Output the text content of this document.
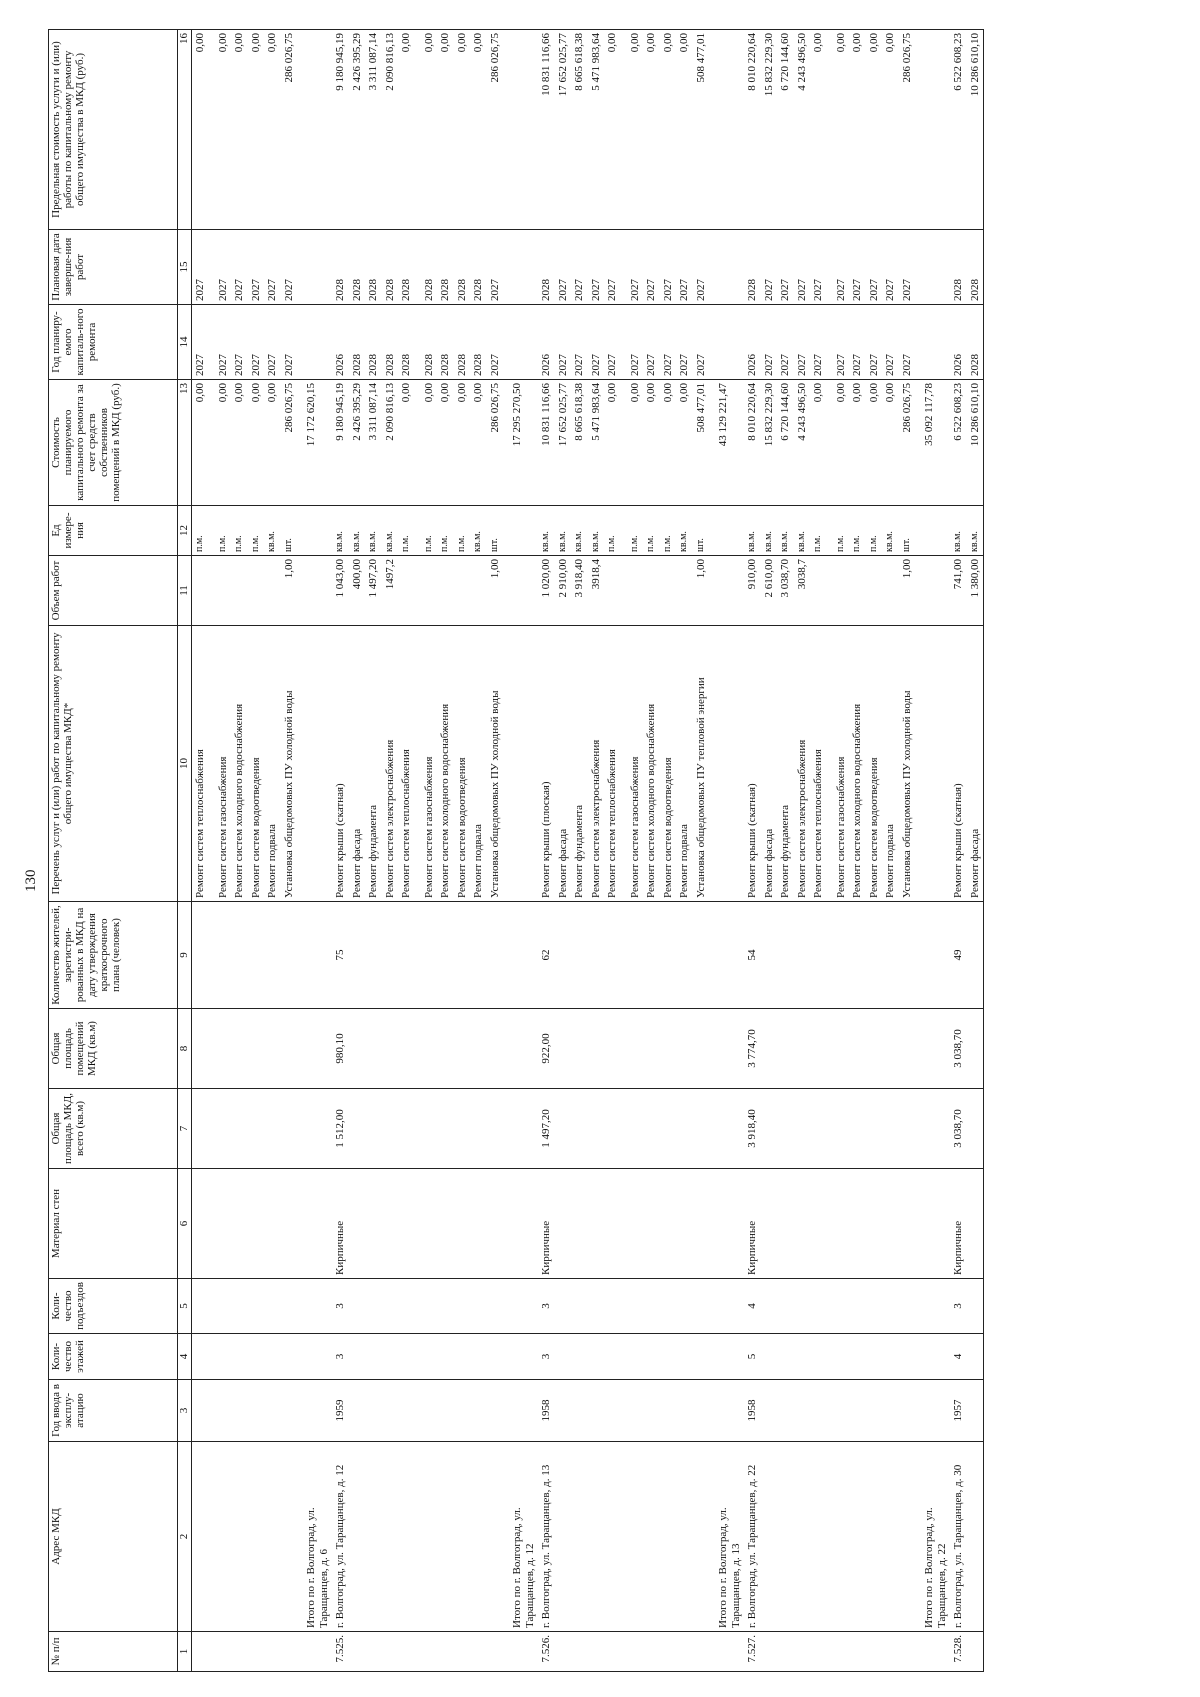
130
№ п/п	Адрес МКД	Год ввода в эксплу-атацию	Коли-чество этажей	Коли-чество подъездов	Материал стен	Общая площадь МКД, всего (кв.м)	Общая площадь помещений МКД (кв.м)	Количество жителей, зарегистри-рованных в МКД на дату утверждения краткосрочного плана (человек)	Перечень услуг и (или) работ по капитальному ремонту общего имущества МКД*	Объем работ	Ед измере-ния	Стоимость планируемого капитального ремонта за счет средств собственников помещений в МКД (руб.)	Год планиру-емого капиталь-ного ремонта	Плановая дата заверше-ния работ	Предельная стоимость услуги и (или) работы по капитальному ремонту общего имущества в МКД (руб.)

1	2	3	4	5	6	7	8	9	10	11	12	13	14	15	16
									Ремонт систем теплоснабжения		п.м.	0,00	2027	2027	0,00
									Ремонт систем газоснабжения		п.м.	0,00	2027	2027	0,00
									Ремонт систем холодного водоснабжения		п.м.	0,00	2027	2027	0,00
									Ремонт систем водоотведения		п.м.	0,00	2027	2027	0,00
									Ремонт подвала		кв.м.	0,00	2027	2027	0,00
									Установка общедомовых ПУ холодной воды	1,00	шт.	286 026,75	2027	2027	286 026,75
	Итого по г. Волгоград, ул. Таращанцев, д. 6											17 172 620,15			
7.525.	г. Волгоград, ул. Таращанцев, д. 12	1959	3	3	Кирпичные	1 512,00	980,10	75	Ремонт крыши (скатная)	1 043,00	кв.м.	9 180 945,19	2026	2028	9 180 945,19
									Ремонт фасада	400,00	кв.м.	2 426 395,29	2028	2028	2 426 395,29
									Ремонт фундамента	1 497,20	кв.м.	3 311 087,14	2028	2028	3 311 087,14
									Ремонт систем электроснабжения	1497,2	кв.м.	2 090 816,13	2028	2028	2 090 816,13
									Ремонт систем теплоснабжения		п.м.	0,00	2028	2028	0,00
									Ремонт систем газоснабжения		п.м.	0,00	2028	2028	0,00
									Ремонт систем холодного водоснабжения		п.м.	0,00	2028	2028	0,00
									Ремонт систем водоотведения		п.м.	0,00	2028	2028	0,00
									Ремонт подвала		кв.м.	0,00	2028	2028	0,00
									Установка общедомовых ПУ холодной воды	1,00	шт.	286 026,75	2027	2027	286 026,75
	Итого по г. Волгоград, ул. Таращанцев, д. 12											17 295 270,50			
7.526.	г. Волгоград, ул. Таращанцев, д. 13	1958	3	3	Кирпичные	1 497,20	922,00	62	Ремонт крыши (плоская)	1 020,00	кв.м.	10 831 116,66	2026	2028	10 831 116,66
									Ремонт фасада	2 910,00	кв.м.	17 652 025,77	2027	2027	17 652 025,77
									Ремонт фундамента	3 918,40	кв.м.	8 665 618,38	2027	2027	8 665 618,38
									Ремонт систем электроснабжения	3918,4	кв.м.	5 471 983,64	2027	2027	5 471 983,64
									Ремонт систем теплоснабжения		п.м.	0,00	2027	2027	0,00
									Ремонт систем газоснабжения		п.м.	0,00	2027	2027	0,00
									Ремонт систем холодного водоснабжения		п.м.	0,00	2027	2027	0,00
									Ремонт систем водоотведения		п.м.	0,00	2027	2027	0,00
									Ремонт подвала		кв.м.	0,00	2027	2027	0,00
									Установка общедомовых ПУ тепловой энергии	1,00	шт.	508 477,01	2027	2027	508 477,01
	Итого по г. Волгоград, ул. Таращанцев, д. 13											43 129 221,47			
7.527.	г. Волгоград, ул. Таращанцев, д. 22	1958	5	4	Кирпичные	3 918,40	3 774,70	54	Ремонт крыши (скатная)	910,00	кв.м.	8 010 220,64	2026	2028	8 010 220,64
									Ремонт фасада	2 610,00	кв.м.	15 832 229,30	2027	2027	15 832 229,30
									Ремонт фундамента	3 038,70	кв.м.	6 720 144,60	2027	2027	6 720 144,60
									Ремонт систем электроснабжения	3038,7	кв.м.	4 243 496,50	2027	2027	4 243 496,50
									Ремонт систем теплоснабжения		п.м.	0,00	2027	2027	0,00
									Ремонт систем газоснабжения		п.м.	0,00	2027	2027	0,00
									Ремонт систем холодного водоснабжения		п.м.	0,00	2027	2027	0,00
									Ремонт систем водоотведения		п.м.	0,00	2027	2027	0,00
									Ремонт подвала		кв.м.	0,00	2027	2027	0,00
									Установка общедомовых ПУ холодной воды	1,00	шт.	286 026,75	2027	2027	286 026,75
	Итого по г. Волгоград, ул. Таращанцев, д. 22											35 092 117,78			
7.528.	г. Волгоград, ул. Таращанцев, д. 30	1957	4	3	Кирпичные	3 038,70	3 038,70	49	Ремонт крыши (скатная)	741,00	кв.м.	6 522 608,23	2026	2028	6 522 608,23
									Ремонт фасада	1 380,00	кв.м.	10 286 610,10	2028	2028	10 286 610,10
